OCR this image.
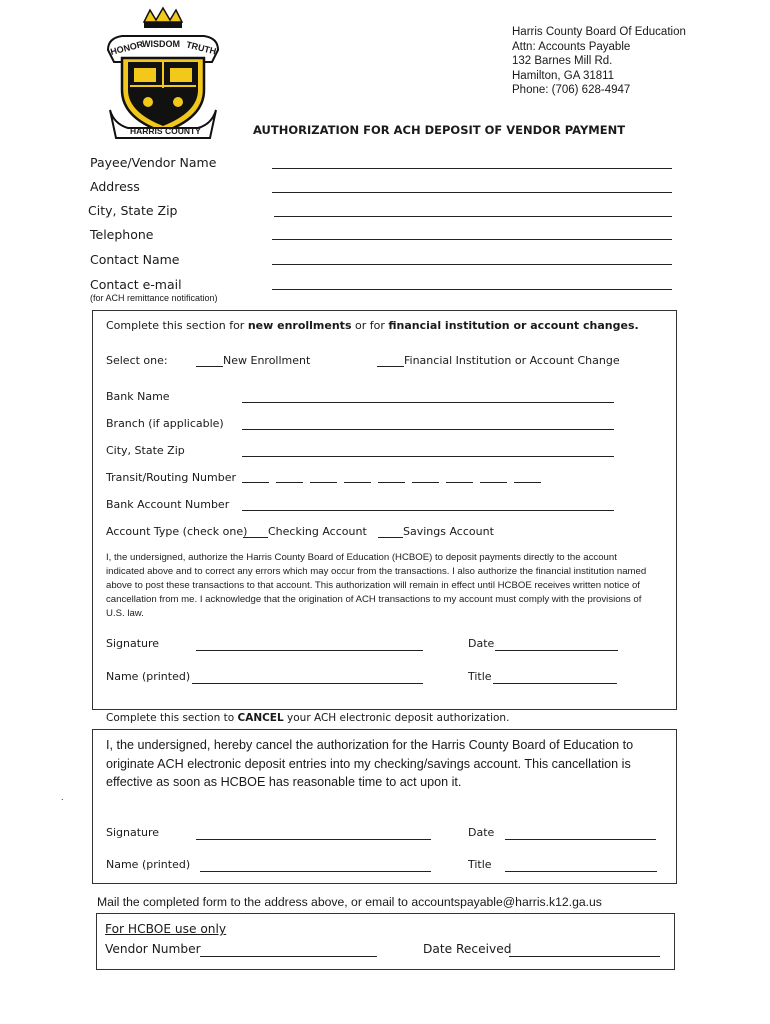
HONOR
WISDOM TRUTH
HARRIS COUNTY
Harris County Board Of Education
Attn: Accounts Payable
132 Barnes Mill Rd.
Hamilton, GA 31811
Phone: (706) 628-4947
AUTHORIZATION FOR ACH DEPOSIT OF VENDOR PAYMENT
Payee/Vendor Name
Address
City, State Zip
Telephone
Contact Name
Contact e-mail
(for ACH remittance notification)
Complete this section for new enrollments or for financial institution or account changes.
Select one:	New Enrollment	Financial Institution or Account Change
Bank Name
Branch (if applicable)
City, State Zip
Transit/Routing Number
Bank Account Number
Account Type (check one)	Checking Account	Savings Account
I, the undersigned, authorize the Harris County Board of Education (HCBOE) to deposit payments directly to the account indicated above and to correct any errors which may occur from the transactions. I also authorize the financial institution named above to post these transactions to that account. This authorization will remain in effect until HCBOE receives written notice of cancellation from me. I acknowledge that the origination of ACH transactions to my account must comply with the provisions of U.S. law.
Signature	Date
Name (printed)	Title
Complete this section to CANCEL your ACH electronic deposit authorization.
I, the undersigned, hereby cancel the authorization for the Harris County Board of Education to originate ACH electronic deposit entries into my checking/savings account. This cancellation is effective as soon as HCBOE has reasonable time to act upon it.
Signature	Date
Name (printed)	Title
.
Mail the completed form to the address above, or email to accountspayable@harris.k12.ga.us
For HCBOE use only
Vendor Number	Date Received
